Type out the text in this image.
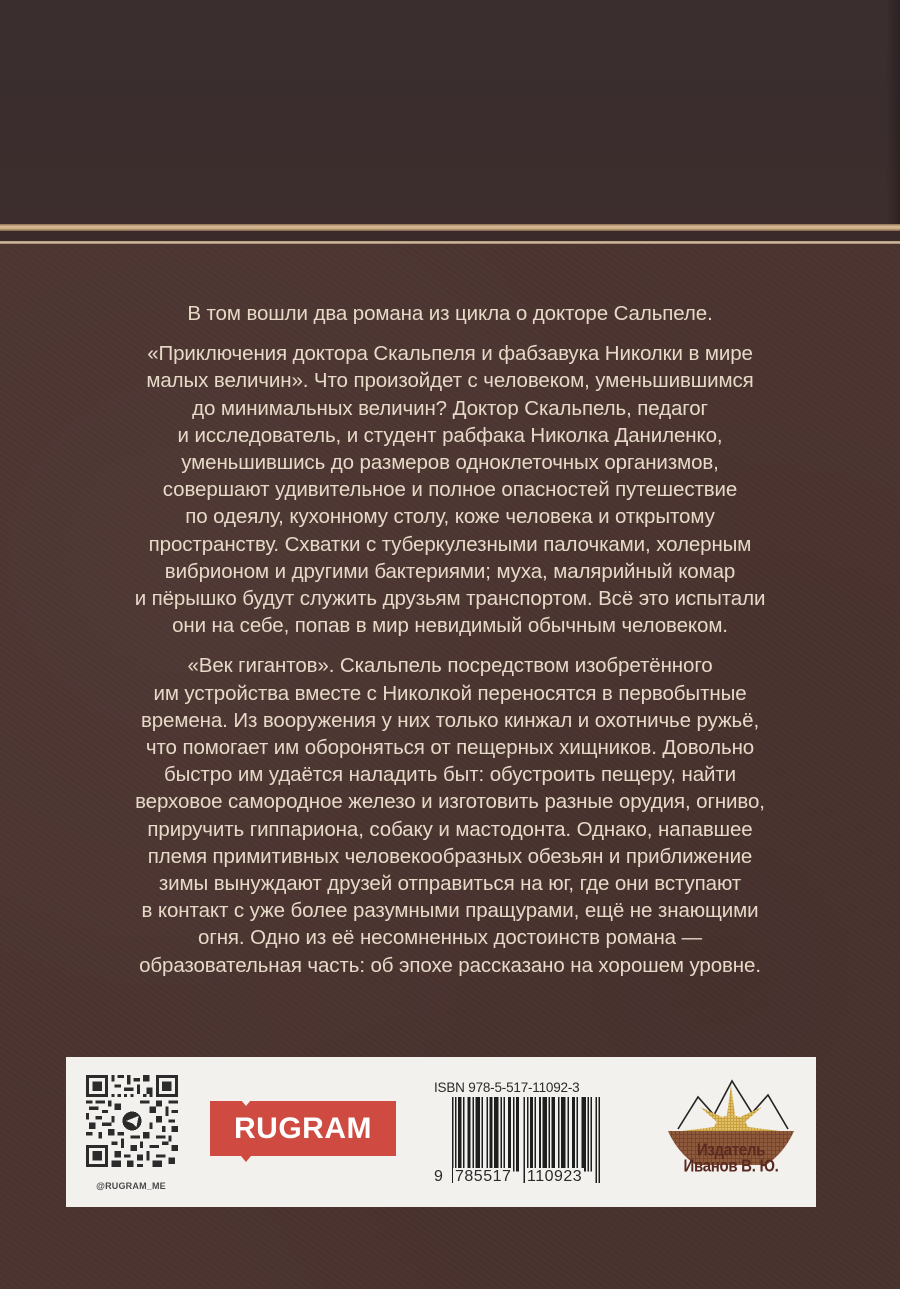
В том вошли два романа из цикла о докторе Сальпеле.

«Приключения доктора Скальпеля и фабзавука Николки в мире
малых величин». Что произойдет с человеком, уменьшившимся
до минимальных величин? Доктор Скальпель, педагог
и исследователь, и студент рабфака Николка Даниленко,
уменьшившись до размеров одноклеточных организмов,
совершают удивительное и полное опасностей путешествие
по одеялу, кухонному столу, коже человека и открытому
пространству. Схватки с туберкулезными палочками, холерным
вибрионом и другими бактериями; муха, малярийный комар
и пёрышко будут служить друзьям транспортом. Всё это испытали
они на себе, попав в мир невидимый обычным человеком.

«Век гигантов». Скальпель посредством изобретённого
им устройства вместе с Николкой переносятся в первобытные
времена. Из вооружения у них только кинжал и охотничье ружьё,
что помогает им обороняться от пещерных хищников. Довольно
быстро им удаётся наладить быт: обустроить пещеру, найти
верховое самородное железо и изготовить разные орудия, огниво,
приручить гиппариона, собаку и мастодонта. Однако, напавшее
племя примитивных человекообразных обезьян и приближение
зимы вынуждают друзей отправиться на юг, где они вступают
в контакт с уже более разумными пращурами, ещё не знающими
огня. Одно из её несомненных достоинств романа —
образовательная часть: об эпохе рассказано на хорошем уровне.

@RUGRAM_ME
RUGRAM
ISBN 978-5-517-11092-3
9 785517 110923
Издатель
Иванов В. Ю.
